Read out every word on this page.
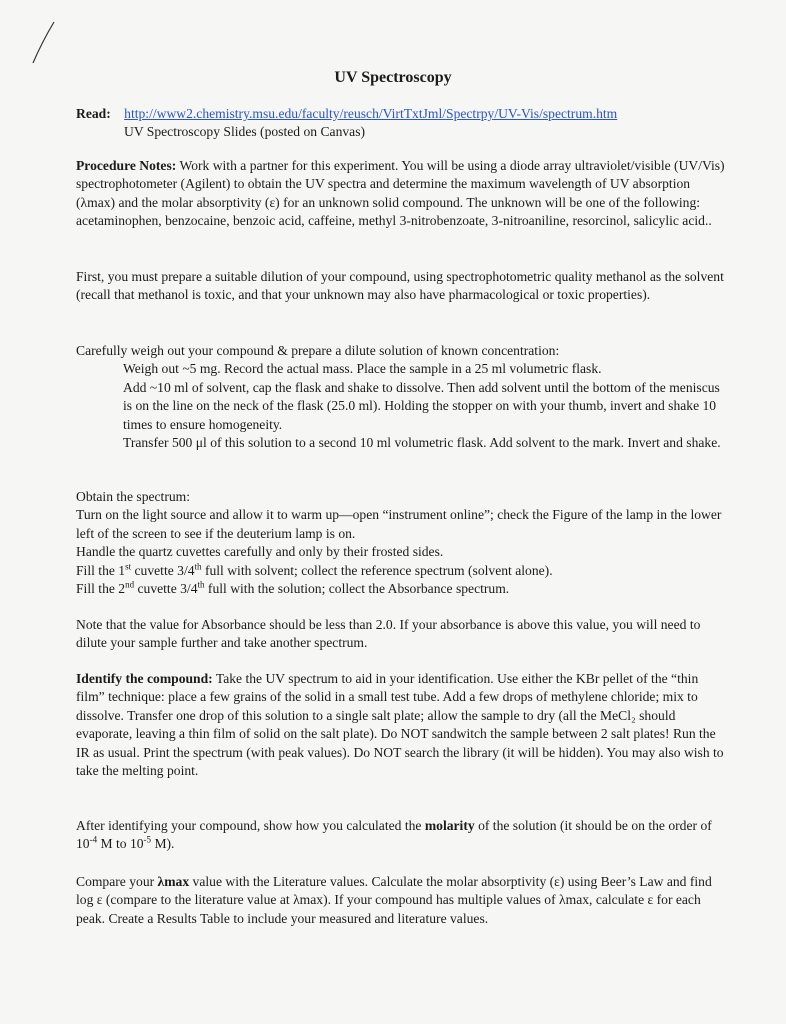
UV Spectroscopy
Read: http://www2.chemistry.msu.edu/faculty/reusch/VirtTxtJml/Spectrpy/UV-Vis/spectrum.htm
UV Spectroscopy Slides (posted on Canvas)

Procedure Notes: Work with a partner for this experiment. You will be using a diode array ultraviolet/visible (UV/Vis) spectrophotometer (Agilent) to obtain the UV spectra and determine the maximum wavelength of UV absorption (λmax) and the molar absorptivity (ε) for an unknown solid compound. The unknown will be one of the following: acetaminophen, benzocaine, benzoic acid, caffeine, methyl 3-nitrobenzoate, 3-nitroaniline, resorcinol, salicylic acid..

First, you must prepare a suitable dilution of your compound, using spectrophotometric quality methanol as the solvent (recall that methanol is toxic, and that your unknown may also have pharmacological or toxic properties).

Carefully weigh out your compound & prepare a dilute solution of known concentration:

Weigh out ~5 mg. Record the actual mass. Place the sample in a 25 ml volumetric flask.

Add ~10 ml of solvent, cap the flask and shake to dissolve. Then add solvent until the bottom of the meniscus is on the line on the neck of the flask (25.0 ml). Holding the stopper on with your thumb, invert and shake 10 times to ensure homogeneity.

Transfer 500 μl of this solution to a second 10 ml volumetric flask. Add solvent to the mark. Invert and shake.

Obtain the spectrum:

Turn on the light source and allow it to warm up—open “instrument online”; check the Figure of the lamp in the lower left of the screen to see if the deuterium lamp is on.

Handle the quartz cuvettes carefully and only by their frosted sides.

Fill the 1st cuvette 3/4th full with solvent; collect the reference spectrum (solvent alone).

Fill the 2nd cuvette 3/4th full with the solution; collect the Absorbance spectrum.

Note that the value for Absorbance should be less than 2.0. If your absorbance is above this value, you will need to dilute your sample further and take another spectrum.

Identify the compound: Take the UV spectrum to aid in your identification. Use either the KBr pellet of the “thin film” technique: place a few grains of the solid in a small test tube. Add a few drops of methylene chloride; mix to dissolve. Transfer one drop of this solution to a single salt plate; allow the sample to dry (all the MeCl₂ should evaporate, leaving a thin film of solid on the salt plate). Do NOT sandwitch the sample between 2 salt plates! Run the IR as usual. Print the spectrum (with peak values). Do NOT search the library (it will be hidden). You may also wish to take the melting point.

After identifying your compound, show how you calculated the molarity of the solution (it should be on the order of $10^{-4}$ M to $10^{-5}$ M).

Compare your λmax value with the Literature values. Calculate the molar absorptivity (ε) using Beer’s Law and find log ε (compare to the literature value at λmax). If your compound has multiple values of λmax, calculate ε for each peak. Create a Results Table to include your measured and literature values.
